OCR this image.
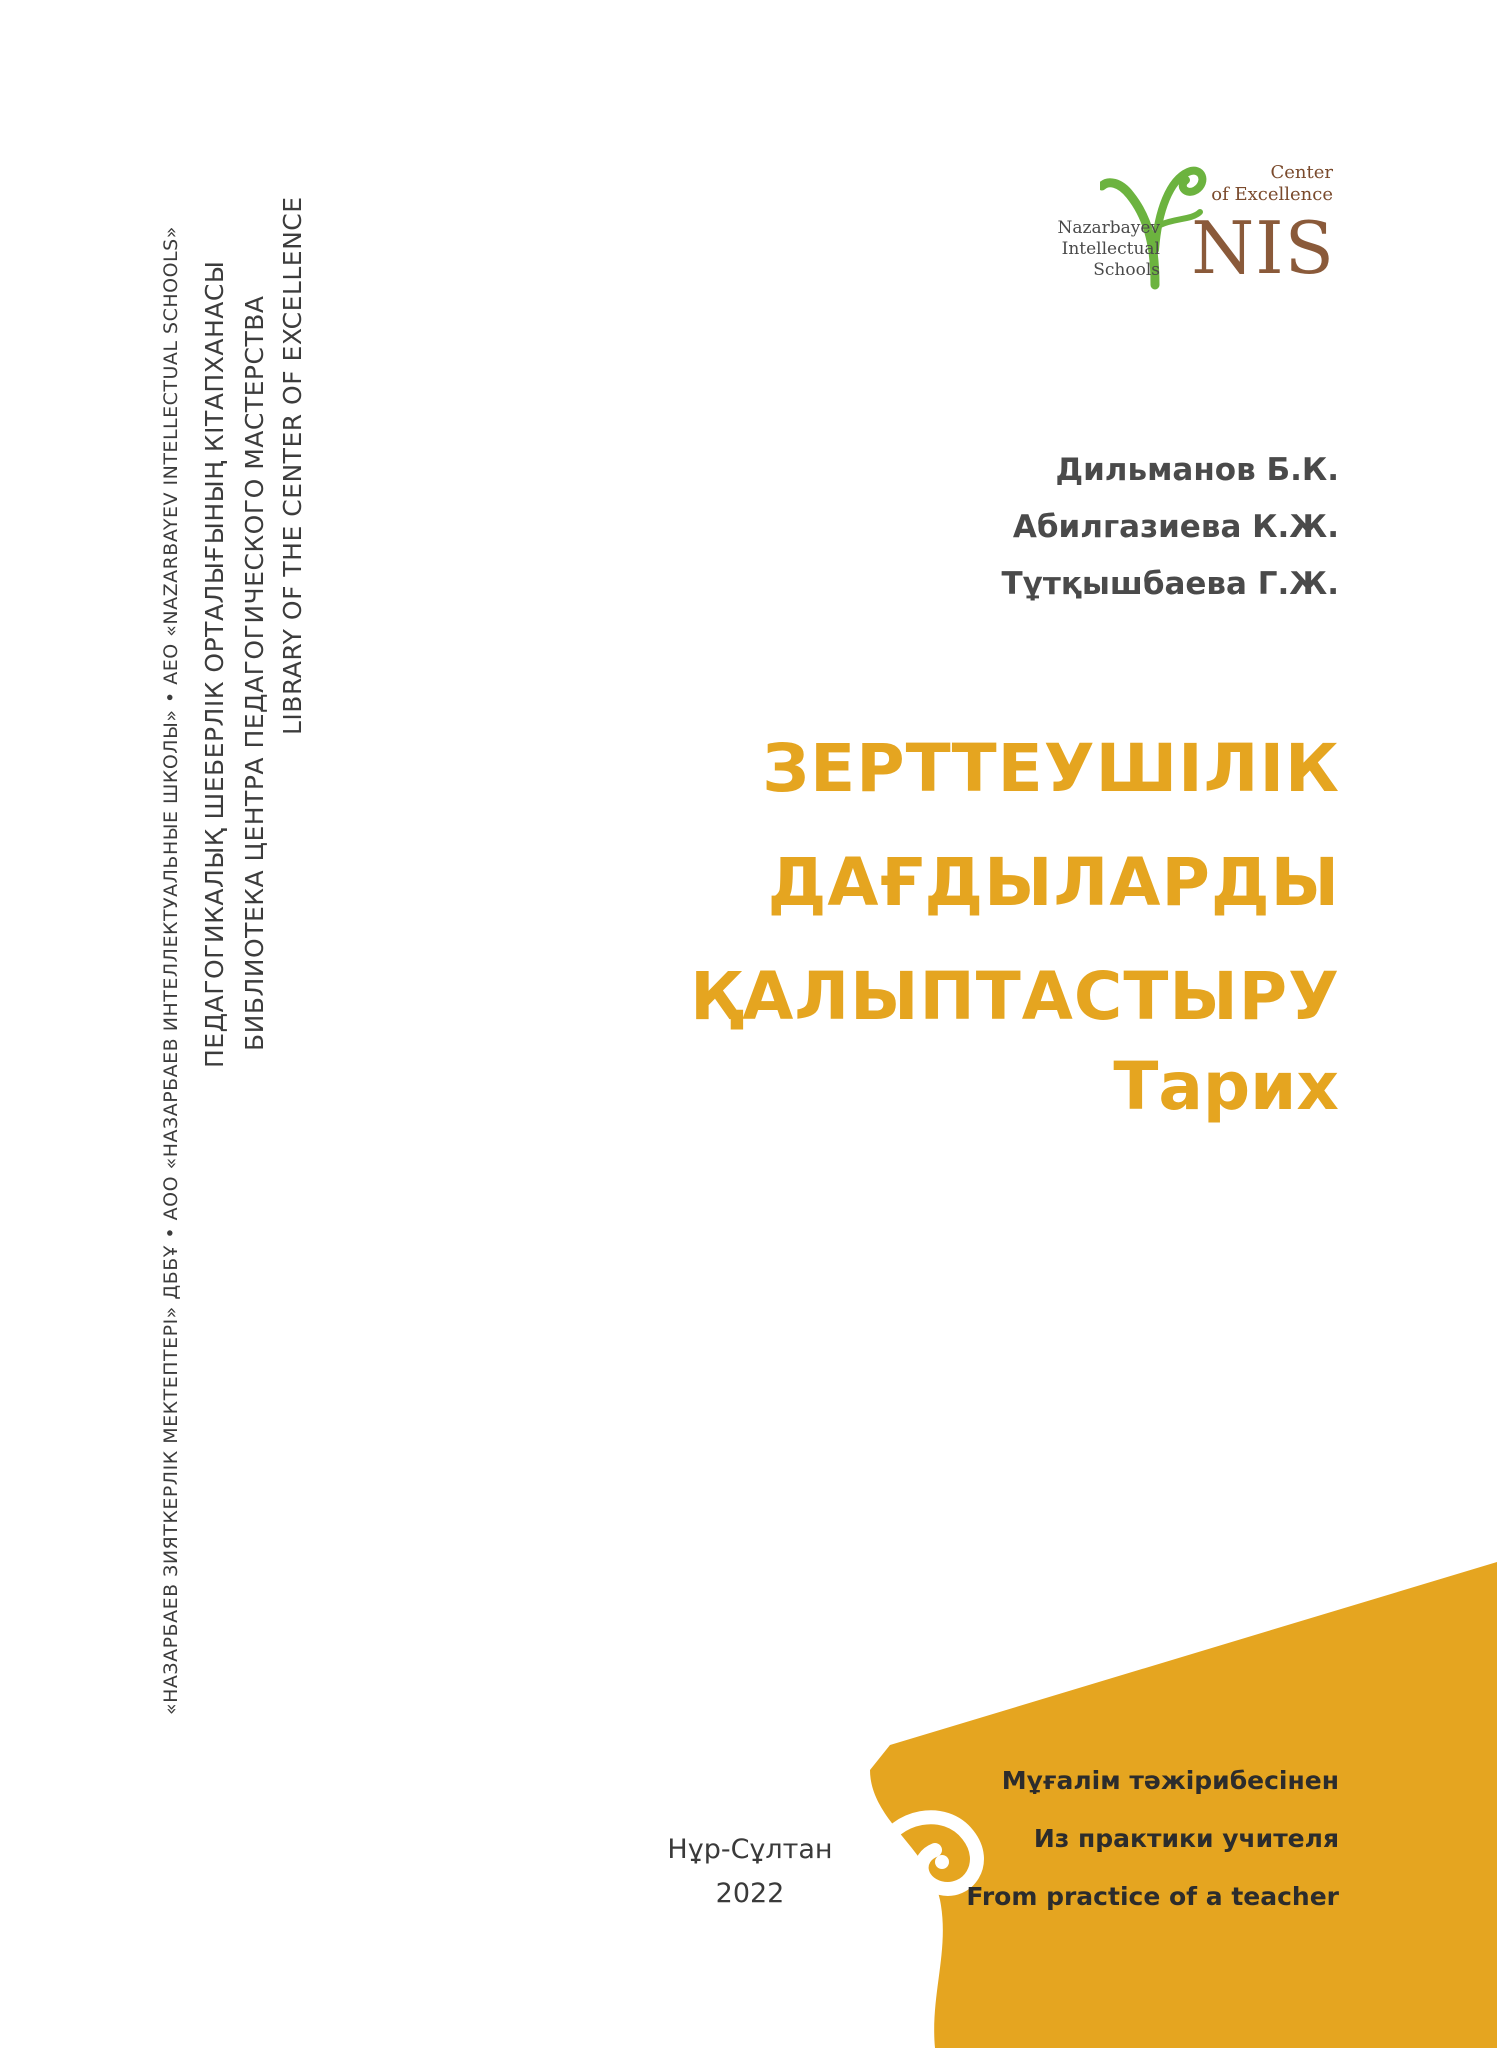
«НАЗАРБАЕВ ЗИЯТКЕРЛІК МЕКТЕПТЕРІ» ДББҰ • АОО «НАЗАРБАЕВ ИНТЕЛЛЕКТУАЛЬНЫЕ ШКОЛЫ» • AEO «NAZARBAYEV INTELLECTUAL SCHOOLS» ПЕДАГОГИКАЛЫҚ ШЕБЕРЛІК ОРТАЛЫҒЫНЫҢ КІТАПХАНАСЫ БИБЛИОТЕКА ЦЕНТРА ПЕДАГОГИЧЕСКОГО МАСТЕРСТВА LIBRARY OF THE CENTER OF EXCELLENCE	Nazarbayev
Intellectual
Schools
Center
of Excellence
NIS
Дильманов Б.К.
Абилгазиева К.Ж.
Тұтқышбаева Г.Ж.
ЗЕРТТЕУШІЛІК
ДАҒДЫЛАРДЫ
ҚАЛЫПТАСТЫРУ
Тарих
Мұғалім тәжірибесінен
Из практики учителя
From practice of a teacher
Нұр-Сұлтан
2022
